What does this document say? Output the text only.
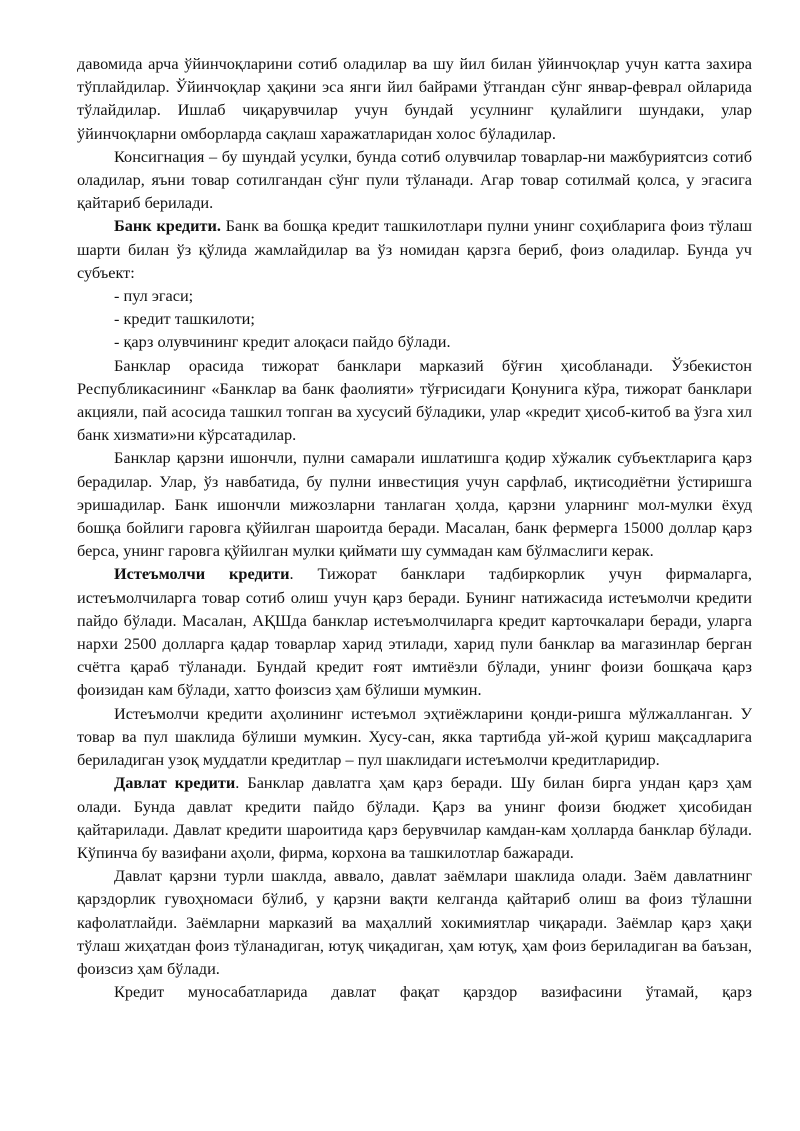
давомида арча ўйинчоқларини сотиб оладилар ва шу йил билан ўйинчоқлар учун катта захира тўплайдилар. Ўйинчоқлар ҳақини эса янги йил байрами ўтгандан сўнг январ-феврал ойларида тўлайдилар. Ишлаб чиқарувчилар учун бундай усулнинг қулайлиги шундаки, улар ўйинчоқларни омборларда сақлаш харажатларидан холос бўладилар.

Консигнация – бу шундай усулки, бунда сотиб олувчилар товарлар-ни мажбуриятсиз сотиб оладилар, яъни товар сотилгандан сўнг пули тўланади. Агар товар сотилмай қолса, у эгасига қайтариб берилади.

Банк кредити. Банк ва бошқа кредит ташкилотлари пулни унинг соҳибларига фоиз тўлаш шарти билан ўз қўлида жамлайдилар ва ўз номидан қарзга бериб, фоиз оладилар. Бунда уч субъект:

- пул эгаси;

- кредит ташкилоти;

- қарз олувчининг кредит алоқаси пайдо бўлади.

Банклар орасида тижорат банклари марказий бўғин ҳисобланади. Ўзбекистон Республикасининг «Банклар ва банк фаолияти» тўғрисидаги Қонунига кўра, тижорат банклари акцияли, пай асосида ташкил топган ва хусусий бўладики, улар «кредит ҳисоб-китоб ва ўзга хил банк хизмати»ни кўрсатадилар.

Банклар қарзни ишончли, пулни самарали ишлатишга қодир хўжалик субъектларига қарз берадилар. Улар, ўз навбатида, бу пулни инвестиция учун сарфлаб, иқтисодиётни ўстиришга эришадилар. Банк ишончли мижозларни танлаган ҳолда, қарзни уларнинг мол-мулки ёхуд бошқа бойлиги гаровга қўйилган шароитда беради. Масалан, банк фермерга 15000 доллар қарз берса, унинг гаровга қўйилган мулки қиймати шу суммадан кам бўлмаслиги керак.

Истеъмолчи кредити. Тижорат банклари тадбиркорлик учун фирмаларга, истеъмолчиларга товар сотиб олиш учун қарз беради. Бунинг натижасида истеъмолчи кредити пайдо бўлади. Масалан, АҚШда банклар истеъмолчиларга кредит карточкалари беради, уларга нархи 2500 долларга қадар товарлар харид этилади, харид пули банклар ва магазинлар берган счётга қараб тўланади. Бундай кредит ғоят имтиёзли бўлади, унинг фоизи бошқача қарз фоизидан кам бўлади, хатто фоизсиз ҳам бўлиши мумкин.

Истеъмолчи кредити аҳолининг истеъмол эҳтиёжларини қонди-ришга мўлжалланган. У товар ва пул шаклида бўлиши мумкин. Хусу-сан, якка тартибда уй-жой қуриш мақсадларига бериладиган узоқ муддатли кредитлар – пул шаклидаги истеъмолчи кредитларидир.

Давлат кредити. Банклар давлатга ҳам қарз беради. Шу билан бирга ундан қарз ҳам олади. Бунда давлат кредити пайдо бўлади. Қарз ва унинг фоизи бюджет ҳисобидан қайтарилади. Давлат кредити шароитида қарз берувчилар камдан-кам ҳолларда банклар бўлади. Кўпинча бу вазифани аҳоли, фирма, корхона ва ташкилотлар бажаради.

Давлат қарзни турли шаклда, аввало, давлат заёмлари шаклида олади. Заём давлатнинг қарздорлик гувоҳномаси бўлиб, у қарзни вақти келганда қайтариб олиш ва фоиз тўлашни кафолатлайди. Заёмларни марказий ва маҳаллий хокимиятлар чиқаради. Заёмлар қарз ҳақи тўлаш жиҳатдан фоиз тўланадиган, ютуқ чиқадиган, ҳам ютуқ, ҳам фоиз бериладиган ва баъзан, фоизсиз ҳам бўлади.

Кредит муносабатларида давлат фақат қарздор вазифасини ўтамай, қарз
